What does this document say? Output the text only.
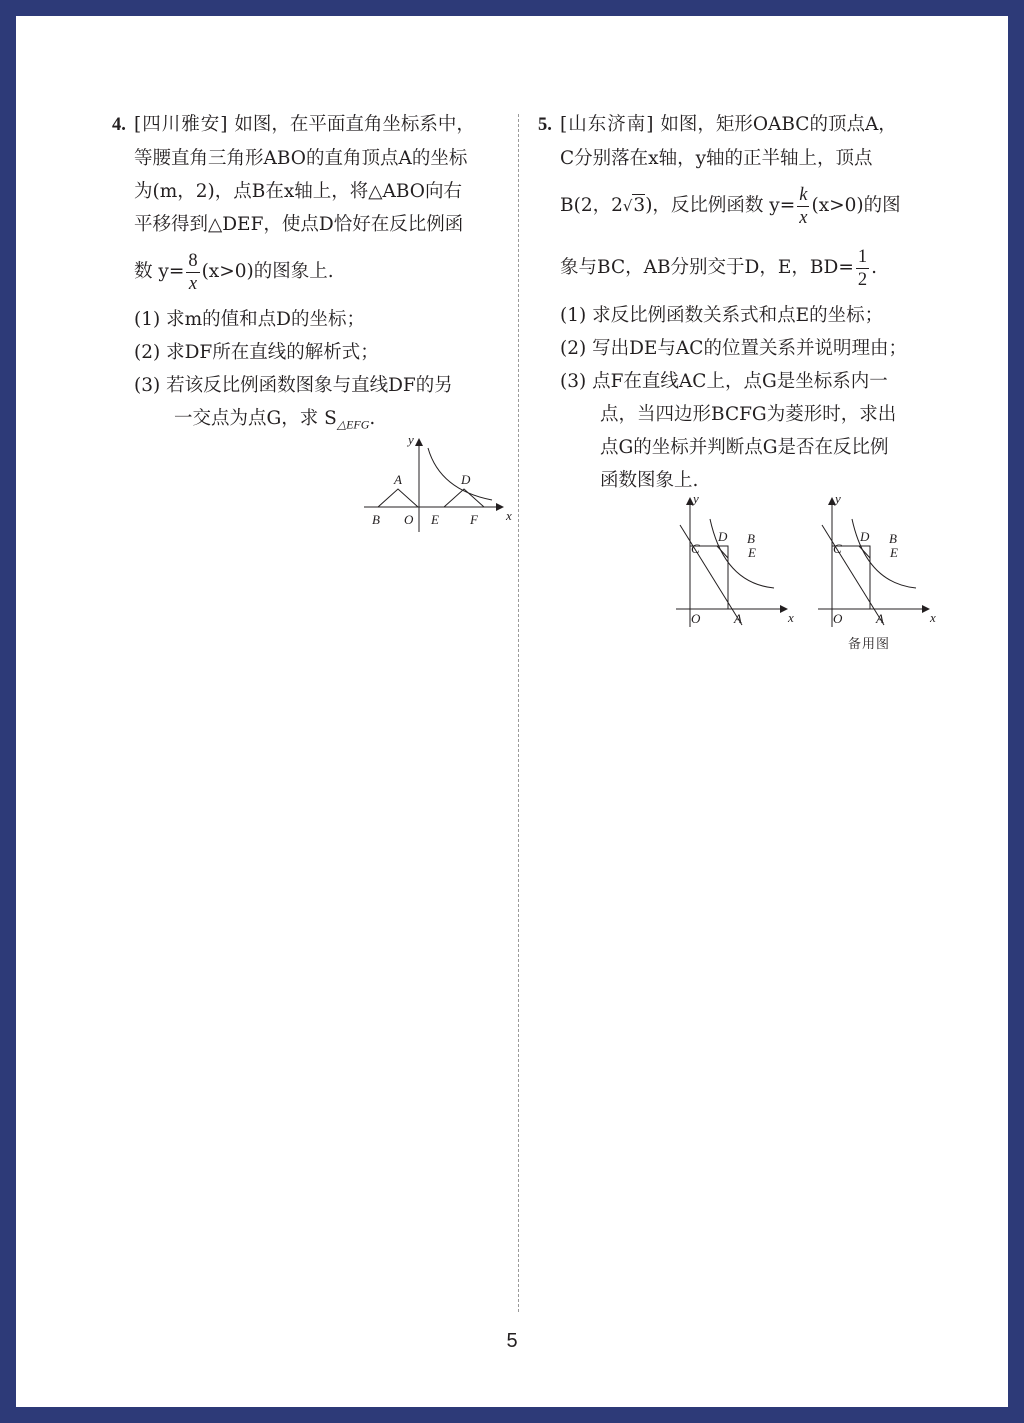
4. [四川雅安] 如图，在平面直角坐标系中，

等腰直角三角形ABO的直角顶点A的坐标

为(m，2)，点B在x轴上，将△ABO向右

平移得到△DEF，使点D恰好在反比例函

数 $y= \frac{8}{x} (x>0)$的图象上.

(1) 求m的值和点D的坐标；

(2) 求DF所在直线的解析式；

(3) 若该反比例函数图象与直线DF的另

一交点为点G，求 $S_{\triangle EFG}$.

y
x
A	D
B O E F

5. [山东济南] 如图，矩形OABC的顶点A，

C分别落在x轴，y轴的正半轴上，顶点

B(2，2√3)，反比例函数 $y= \frac{k}{x} (x>0)$的图

象与BC，AB分别交于D，E，$BD= \frac{1}{2}$ .

(1) 求反比例函数关系式和点E的坐标；

(2) 写出DE与AC的位置关系并说明理由；

(3) 点F在直线AC上，点G是坐标系内一

点，当四边形BCFG为菱形时，求出

点G的坐标并判断点G是否在反比例

函数图象上.

y
x
C
D B
E
O	A
y
x
C
D B
E
O	A
备用图
5
